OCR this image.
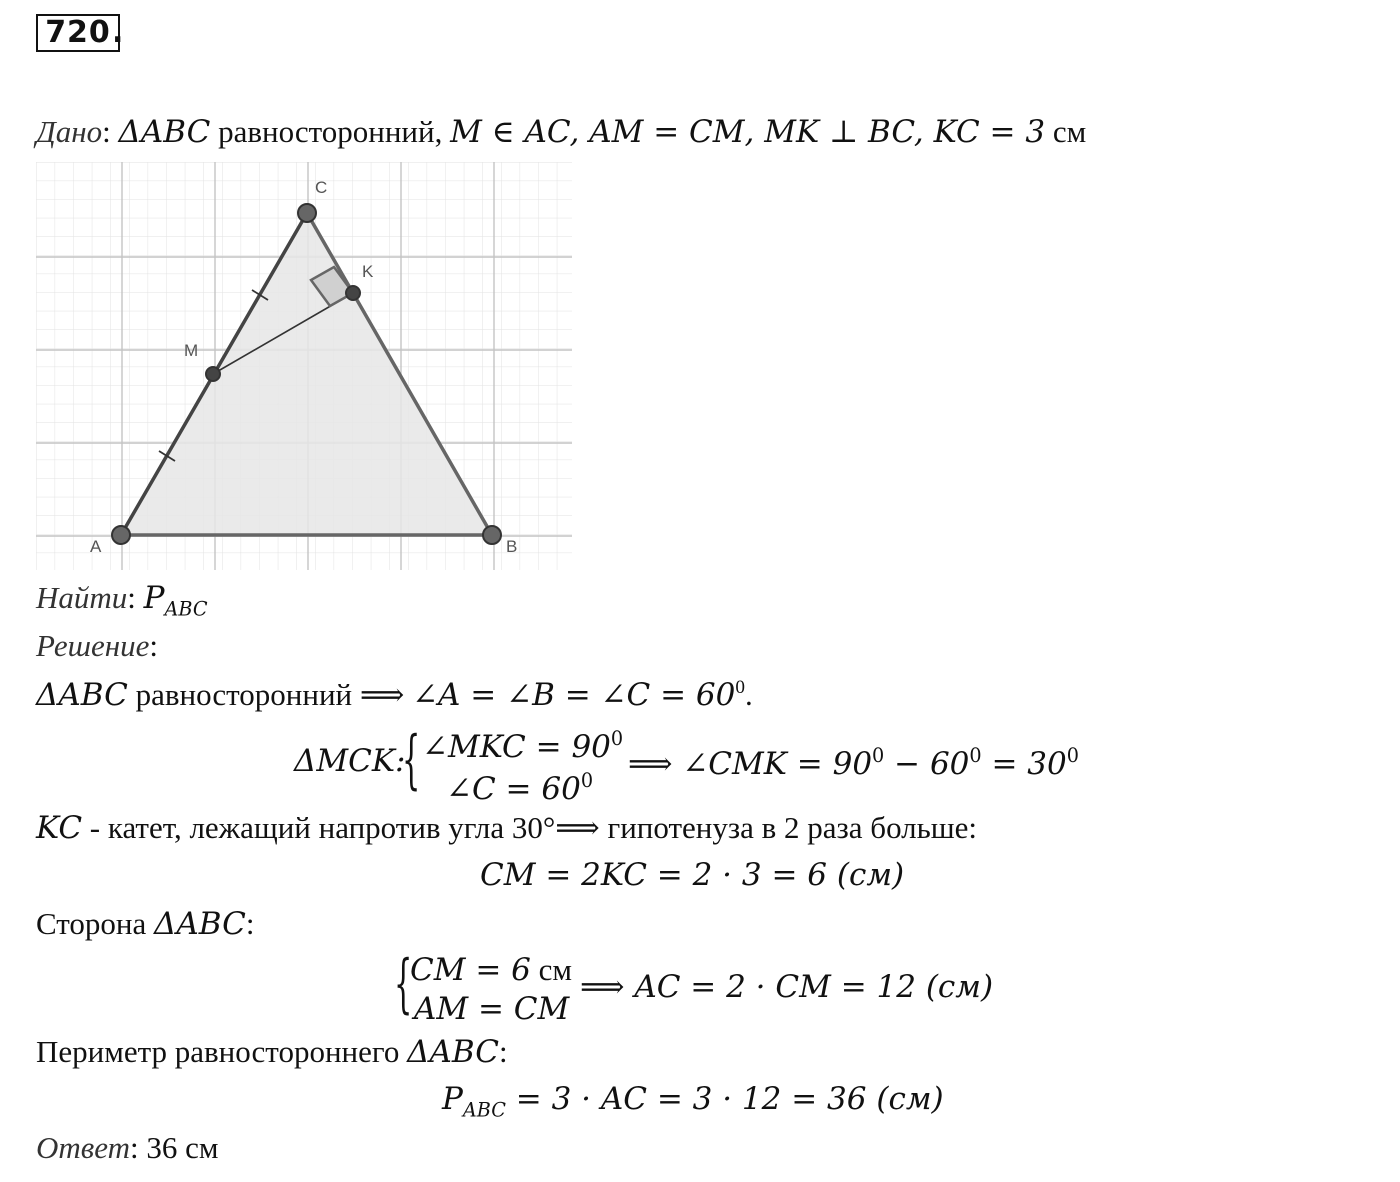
720 .
Дано: ΔABC равносторонний, M ∈ AC, AM = CM, MK ⊥ BC, KC = 3 см
A	B
C
M
K
Найти: $P_{ABC}$
Решение:
ΔABC равносторонний ⟹ ∠A = ∠B = ∠C = $60^0$.
ΔMCK:
{ ∠MKC = $90^0$
∠C = $60^0$ ⟹ ∠CMK = $90^0 - 60^0 = 30^0$
KC - катет, лежащий напротив угла 30°⟹ гипотенуза в 2 раза больше:
CM = 2KC = 2 · 3 = 6 (см)
Сторона ΔABC:
{
CM = 6 см
AM = CM
⟹ AC = 2 · CM = 12 (см)
Периметр равностороннего ΔABC:
$P_{ABC} = 3$ · AC = 3 · 12 = 36 (см)
Ответ: 36 см
